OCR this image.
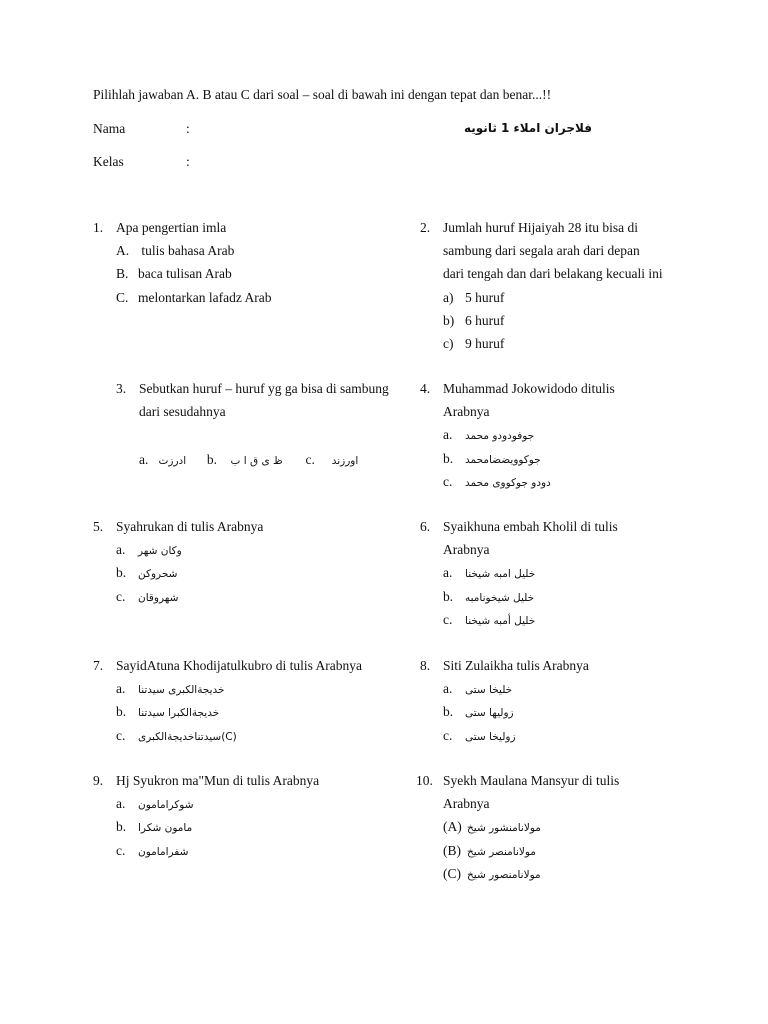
Pilihlah jawaban A. B atau C dari soal – soal di bawah ini dengan tepat dan benar...!!
Nama	:	فلاجران املاء 1 ثانويه
Kelas	:
1. Apa pengertian imla
A. tulis bahasa Arab
B. baca tulisan Arab
C. melontarkan lafadz Arab
2. Jumlah huruf Hijaiyah 28 itu bisa di
sambung dari segala arah dari depan
dari tengah dan dari belakang kecuali ini
a) 5 huruf
b) 6 huruf
c) 9 huruf
3. Sebutkan huruf – huruf yg ga bisa di sambung
dari sesudahnya
a. ادرزت b. ظ ى ق ا ب c. اورزند
4. Muhammad Jokowidodo ditulis
Arabnya
a. جوفودودو محمد
b. جوكوويضضامحمد
c. دودو جوكووى محمد
5. Syahrukan di tulis Arabnya
a. وكان شهر
b. شحروكن
c. شهروقان
6. Syaikhuna embah Kholil di tulis
Arabnya
a. خليل امبه شيخنا
b. خليل شيخونامبه
c. خليل أمبه شيخنا
7. SayidAtuna Khodijatulkubro di tulis Arabnya
a. خديجةالكبرى سيدتنا
b. خديجةالكبرا سيدتنا
c. (C)سيدتناخديجةالكبرى
8. Siti Zulaikha tulis Arabnya
a. خليخا ستى
b. زوليها ستى
c. زوليخا ستى
9. Hj Syukron ma"Mun di tulis Arabnya
a. شوكرامامون
b. مامون شكرا
c. شفرامامون
10. Syekh Maulana Mansyur di tulis
Arabnya
(A) مولانامنشور شيخ
(B) مولانامنصر شيخ
(C) مولانامنصور شيخ
